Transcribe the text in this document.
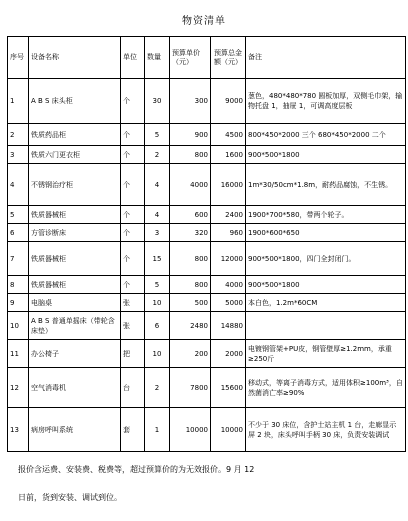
物资清单
序号	设备名称	单位	数量	预算单价（元）	预算总金额（元）	备注
1	A B S 床头柜	个	30	300	9000	葱色，480*480*780 圆板加厚，双侧毛巾架，输物托盘 1，抽屉 1，可调高度层板
2	铁质药品柜	个	5	900	4500	800*450*2000 三个 680*450*2000 二个
3	铁质六门更衣柜	个	2	800	1600	900*500*1800
4	不锈钢治疗柜	个	4	4000	16000	1m*30/50cm*1.8m，耐药品腐蚀，不生锈。
5	铁质器械柜	个	4	600	2400	1900*700*580，带两个轮子。
6	方管诊断床	个	3	320	960	1900*600*650
7	铁质器械柜	个	15	800	12000	900*500*1800，四门全封闭门。
8	铁质器械柜	个	5	800	4000	900*500*1800
9	电脑桌	张	10	500	5000	本白色，1.2m*60CM
10	A B S 普通单摇床（带轮含床垫）	张	6	2480	14880	
11	办公椅子	把	10	200	2000	电镀钢管架+PU皮，钢管壁厚≥1.2mm，承重≥250斤
12	空气消毒机	台	2	7800	15600	移动式，等离子消毒方式，适用体积≥100m³，自然菌消亡率≥90%
13	病房呼叫系统	套	1	10000	10000	不少于 30 床位，含护士站主机 1 台，走廊显示屏 2 块，床头呼叫手柄 30 床，负责安装调试
报价含运费、安装费、税费等，超过预算价的为无效报价。9 月 12
日前，货到安装、调试到位。
